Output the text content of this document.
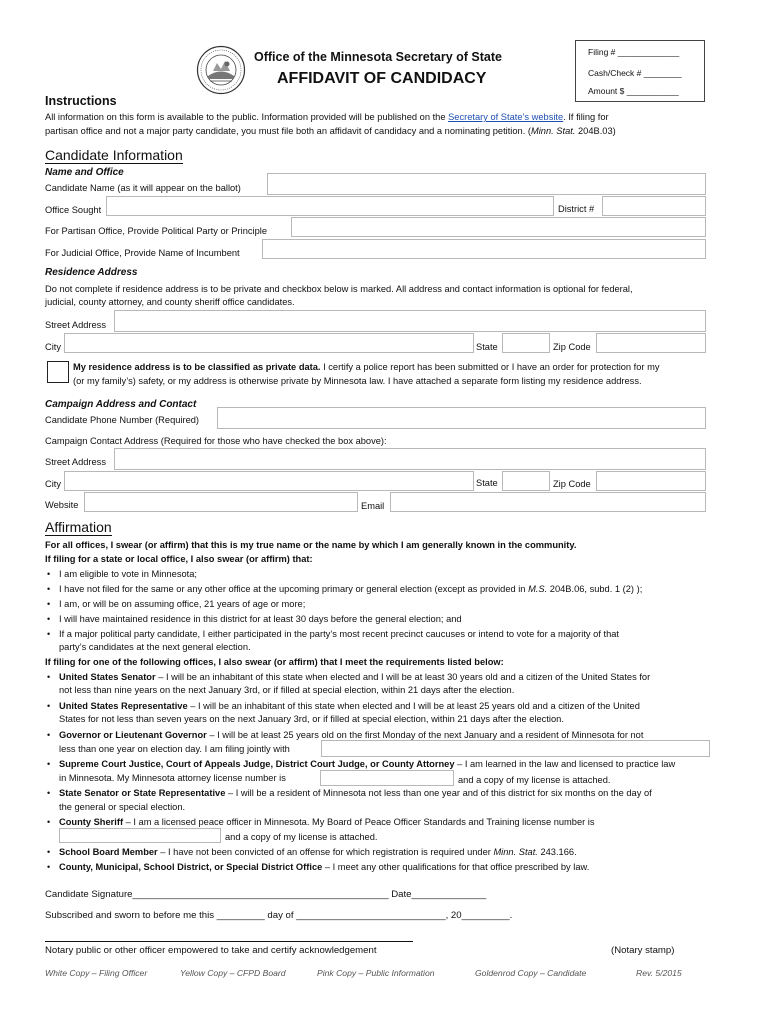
Office of the Minnesota Secretary of State
AFFIDAVIT OF CANDIDACY
Filing # _____________
Cash/Check # ________
Amount $ ___________
Instructions
All information on this form is available to the public. Information provided will be published on the Secretary of State’s website. If filing for
partisan office and not a major party candidate, you must file both an affidavit of candidacy and a nominating petition. (Minn. Stat. 204B.03)
Candidate Information
Name and Office
Candidate Name (as it will appear on the ballot)
Office Sought	District #
For Partisan Office, Provide Political Party or Principle
For Judicial Office, Provide Name of Incumbent
Residence Address
Do not complete if residence address is to be private and checkbox below is marked. All address and contact information is optional for federal,
judicial, county attorney, and county sheriff office candidates.
Street Address
City	State	Zip Code
My residence address is to be classified as private data. I certify a police report has been submitted or I have an order for protection for my
(or my family’s) safety, or my address is otherwise private by Minnesota law. I have attached a separate form listing my residence address.
Campaign Address and Contact
Candidate Phone Number (Required)
Campaign Contact Address (Required for those who have checked the box above):
Street Address
City	State	Zip Code
Website	Email
Affirmation
For all offices, I swear (or affirm) that this is my true name or the name by which I am generally known in the community.
If filing for a state or local office, I also swear (or affirm) that:
• I am eligible to vote in Minnesota;
• I have not filed for the same or any other office at the upcoming primary or general election (except as provided in M.S. 204B.06, subd. 1 (2) );
• I am, or will be on assuming office, 21 years of age or more;
• I will have maintained residence in this district for at least 30 days before the general election; and
• If a major political party candidate, I either participated in the party’s most recent precinct caucuses or intend to vote for a majority of that
party’s candidates at the next general election.
If filing for one of the following offices, I also swear (or affirm) that I meet the requirements listed below:
• United States Senator – I will be an inhabitant of this state when elected and I will be at least 30 years old and a citizen of the United States for
not less than nine years on the next January 3rd, or if filled at special election, within 21 days after the election.
• United States Representative – I will be an inhabitant of this state when elected and I will be at least 25 years old and a citizen of the United
States for not less than seven years on the next January 3rd, or if filled at special election, within 21 days after the election.
• Governor or Lieutenant Governor – I will be at least 25 years old on the first Monday of the next January and a resident of Minnesota for not
less than one year on election day. I am filing jointly with
• Supreme Court Justice, Court of Appeals Judge, District Court Judge, or County Attorney – I am learned in the law and licensed to practice law
in Minnesota. My Minnesota attorney license number is	and a copy of my license is attached.
• State Senator or State Representative – I will be a resident of Minnesota not less than one year and of this district for six months on the day of
the general or special election.
• County Sheriff – I am a licensed peace officer in Minnesota. My Board of Peace Officer Standards and Training license number is
and a copy of my license is attached.
• School Board Member – I have not been convicted of an offense for which registration is required under Minn. Stat. 243.166.
• County, Municipal, School District, or Special District Office – I meet any other qualifications for that office prescribed by law.
Candidate Signature________________________________________________ Date______________
Subscribed and sworn to before me this _________ day of ____________________________, 20_________.
Notary public or other officer empowered to take and certify acknowledgement	(Notary stamp)
White Copy – Filing Officer	Yellow Copy – CFPD Board	Pink Copy – Public Information	Goldenrod Copy – Candidate	Rev. 5/2015
